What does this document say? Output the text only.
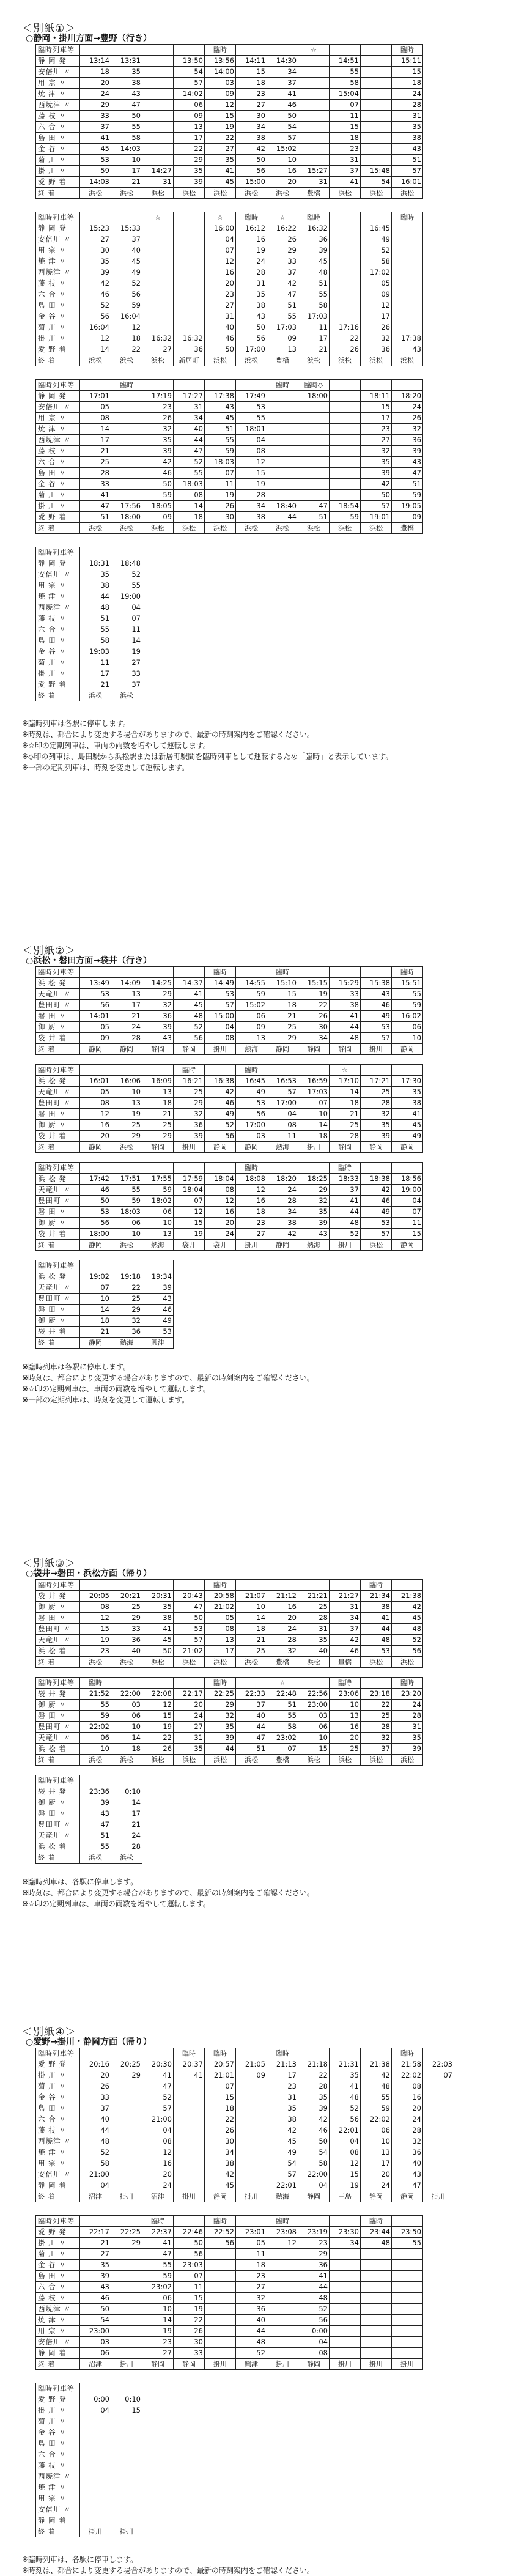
＜別紙①＞
○静岡・掛川方面→豊野（行き）
臨時列車等					臨時			☆			臨時
静 岡 発	13:14	13:31		13:50	13:56	14:11	14:30		14:51		15:11
安倍川 〃	18	35		54	14:00	15	34		55		15
用 宗 〃	20	38		57	03	18	37		58		18
焼 津 〃	24	43		14:02	09	23	41		15:04		24
西焼津 〃	29	47		06	12	27	46		07		28
藤 枝 〃	33	50		09	15	30	50		11		31
六 合 〃	37	55		13	19	34	54		15		35
島 田 〃	41	58		17	22	38	57		18		38
金 谷 〃	45	14:03		22	27	42	15:02		23		43
菊 川 〃	53	10		29	35	50	10		31		51
掛 川 〃	59	17	14:27	35	41	56	16	15:27	37	15:48	57
愛 野 着	14:03	21	31	39	45	15:00	20	31	41	54	16:01
終 着	浜松	浜松	浜松	浜松	浜松	浜松	浜松	豊橋	浜松	浜松	浜松
臨時列車等			☆		☆	臨時	☆	臨時			臨時
静 岡 発	15:23	15:33			16:00	16:12	16:22	16:32		16:45	
安倍川 〃	27	37			04	16	26	36		49	
用 宗 〃	30	40			07	19	29	39		52	
焼 津 〃	35	45			12	24	33	45		58	
西焼津 〃	39	49			16	28	37	48		17:02	
藤 枝 〃	42	52			20	31	42	51		05	
六 合 〃	46	56			23	35	47	55		09	
島 田 〃	52	59			27	38	51	58		12	
金 谷 〃	56	16:04			31	43	55	17:03		17	
菊 川 〃	16:04	12			40	50	17:03	11	17:16	26	
掛 川 〃	12	18	16:32	16:32	46	56	09	17	22	32	17:38
愛 野 着	14	22	27	36	50	17:00	13	21	26	36	43
終 着	浜松	浜松	浜松	新居町	浜松	浜松	豊橋	浜松	浜松	浜松	浜松
臨時列車等		臨時					臨時	臨時◇			
静 岡 発	17:01		17:19	17:27	17:38	17:49		18:00		18:11	18:20
安倍川 〃	05		23	31	43	53				15	24
用 宗 〃	08		26	34	45	55				17	26
焼 津 〃	14		32	40	51	18:01				23	32
西焼津 〃	17		35	44	55	04				27	36
藤 枝 〃	21		39	47	59	08				32	39
六 合 〃	25		42	52	18:03	12				35	43
島 田 〃	28		46	55	07	15				39	47
金 谷 〃	33		50	18:03	11	19				42	51
菊 川 〃	41		59	08	19	28				50	59
掛 川 〃	47	17:56	18:05	14	26	34	18:40	47	18:54	57	19:05
愛 野 着	51	18:00	09	18	30	38	44	51	59	19:01	09
終 着	浜松	浜松	浜松	浜松	浜松	浜松	浜松	浜松	浜松	浜松	豊橋
臨時列車等		
静 岡 発	18:31	18:48
安倍川 〃	35	52
用 宗 〃	38	55
焼 津 〃	44	19:00
西焼津 〃	48	04
藤 枝 〃	51	07
六 合 〃	55	11
島 田 〃	58	14
金 谷 〃	19:03	19
菊 川 〃	11	27
掛 川 〃	17	33
愛 野 着	21	37
終 着	浜松	浜松
※臨時列車は各駅に停車します。
※時刻は、都合により変更する場合がありますので、最新の時刻案内をご確認ください。
※☆印の定期列車は、車両の両数を増やして運転します。
※◇印の列車は、島田駅から浜松駅または新居町駅間を臨時列車として運転するため「臨時」と表示しています。
※一部の定期列車は、時刻を変更して運転します。
＜別紙②＞
○浜松・磐田方面→袋井（行き）
臨時列車等					臨時		臨時				臨時
浜 松 発	13:49	14:09	14:25	14:37	14:49	14:55	15:10	15:15	15:29	15:38	15:51
天竜川 〃	53	13	29	41	53	59	15	19	33	43	55
豊田町 〃	56	17	32	45	57	15:02	18	22	38	46	59
磐 田 〃	14:01	21	36	48	15:00	06	21	26	41	49	16:02
御 厨 〃	05	24	39	52	04	09	25	30	44	53	06
袋 井 着	09	28	43	56	08	13	29	34	48	57	10
終 着	静岡	静岡	静岡	静岡	掛川	熱海	静岡	静岡	静岡	掛川	静岡
臨時列車等				臨時		臨時			☆		
浜 松 発	16:01	16:06	16:09	16:21	16:38	16:45	16:53	16:59	17:10	17:21	17:30
天竜川 〃	05	10	13	25	42	49	57	17:03	14	25	35
豊田町 〃	08	13	18	29	46	53	17:00	07	18	28	38
磐 田 〃	12	19	21	32	49	56	04	10	21	32	41
御 厨 〃	16	25	25	36	52	17:00	08	14	25	35	45
袋 井 着	20	29	29	39	56	03	11	18	28	39	49
終 着	静岡	浜松	静岡	掛川	静岡	静岡	熱海	掛川	静岡	静岡	静岡
臨時列車等						臨時			臨時		
浜 松 発	17:42	17:51	17:55	17:59	18:04	18:08	18:20	18:25	18:33	18:38	18:56
天竜川 〃	46	55	59	18:04	08	12	24	29	37	42	19:00
豊田町 〃	50	59	18:02	07	12	16	28	32	41	46	04
磐 田 〃	53	18:03	06	12	16	18	34	35	44	49	07
御 厨 〃	56	06	10	15	20	23	38	39	48	53	11
袋 井 着	18:00	10	13	19	24	27	42	43	52	57	15
終 着	静岡	浜松	熱海	袋井	袋井	掛川	静岡	熱海	掛川	浜松	静岡
臨時列車等			
浜 松 発	19:02	19:18	19:34
天竜川 〃	07	22	39
豊田町 〃	10	25	43
磐 田 〃	14	29	46
御 厨 〃	18	32	49
袋 井 着	21	36	53
終 着	静岡	熱海	興津
※臨時列車は各駅に停車します。
※時刻は、都合により変更する場合がありますので、最新の時刻案内をご確認ください。
※☆印の定期列車は、車両の両数を増やして運転します。
※一部の定期列車は、時刻を変更して運転します。
＜別紙③＞
○袋井→磐田・浜松方面（帰り）
臨時列車等					臨時					臨時	
袋 井 発	20:05	20:21	20:31	20:43	20:58	21:07	21:12	21:21	21:27	21:34	21:38
御 厨 〃	08	25	35	47	21:02	10	16	25	31	38	42
磐 田 〃	12	29	38	50	05	14	20	28	34	41	45
豊田町 〃	15	33	41	53	08	18	24	31	37	44	48
天竜川 〃	19	36	45	57	13	21	28	35	42	48	52
浜 松 着	23	40	50	21:02	17	25	32	40	46	53	56
終 着	浜松	浜松	浜松	浜松	浜松	浜松	豊橋	浜松	豊橋	浜松	浜松
臨時列車等	臨時				臨時		☆		臨時		臨時
袋 井 発	21:52	22:00	22:08	22:17	22:25	22:33	22:48	22:56	23:06	23:18	23:20
御 厨 〃	55	03	12	20	29	37	51	23:00	10	22	24
磐 田 〃	59	06	15	24	32	40	55	03	13	25	28
豊田町 〃	22:02	10	19	27	35	44	58	06	16	28	31
天竜川 〃	06	14	22	31	39	47	23:02	10	20	32	35
浜 松 着	10	18	26	35	44	51	07	15	25	37	39
終 着	浜松	浜松	浜松	浜松	浜松	浜松	豊橋	浜松	浜松	浜松	浜松
臨時列車等		
袋 井 発	23:36	0:10
御 厨 〃	39	14
磐 田 〃	43	17
豊田町 〃	47	21
天竜川 〃	51	24
浜 松 着	55	28
終 着	浜松	浜松
※臨時列車は、各駅に停車します。
※時刻は、都合により変更する場合がありますので、最新の時刻案内をご確認ください。
※☆印の定期列車は、車両の両数を増やして運転します。
＜別紙④＞
○愛野→掛川・静岡方面（帰り）
臨時列車等				臨時	臨時		臨時				臨時	
愛 野 発	20:16	20:25	20:30	20:37	20:57	21:05	21:13	21:18	21:31	21:38	21:58	22:03
掛 川 〃	20	29	41	41	21:01	09	17	22	35	42	22:02	07
菊 川 〃	26		47		07		23	28	41	48	08	
金 谷 〃	33		52		15		31	35	48	55	16	
島 田 〃	37		57		18		35	39	52	59	20	
六 合 〃	40		21:00		22		38	42	56	22:02	24	
藤 枝 〃	44		04		26		42	46	22:01	06	28	
西焼津 〃	48		08		30		45	50	04	10	32	
焼 津 〃	52		12		34		49	54	08	13	36	
用 宗 〃	58		16		38		54	58	12	17	40	
安倍川 〃	21:00		20		42		57	22:00	15	20	43	
静 岡 着	04		24		45		22:01	04	19	24	47	
終 着	沼津	掛川	沼津	掛川	静岡	掛川	熱海	静岡	三島	静岡	静岡	掛川
臨時列車等			臨時		臨時		臨時			臨時	
愛 野 発	22:17	22:25	22:37	22:46	22:52	23:01	23:08	23:19	23:30	23:44	23:50
掛 川 〃	21	29	41	50	56	05	12	23	34	48	55
菊 川 〃	27		47	56		11		29			
金 谷 〃	35		55	23:03		18		36			
島 田 〃	39		59	07		23		41			
六 合 〃	43		23:02	11		27		44			
藤 枝 〃	46		06	15		32		48			
西焼津 〃	50		10	19		36		52			
焼 津 〃	54		14	22		40		56			
用 宗 〃	23:00		19	26		44		0:00			
安倍川 〃	03		23	30		48		04			
静 岡 着	06		27	33		52		08			
終 着	沼津	掛川	静岡	静岡	掛川	興津	掛川	静岡	掛川	掛川	掛川
臨時列車等		
愛 野 発	0:00	0:10
掛 川 〃	04	15
菊 川 〃		
金 谷 〃		
島 田 〃		
六 合 〃		
藤 枝 〃		
西焼津 〃		
焼 津 〃		
用 宗 〃		
安倍川 〃		
静 岡 着		
終 着	掛川	掛川
※臨時列車は、各駅に停車します。
※時刻は、都合により変更する場合がありますので、最新の時刻案内をご確認ください。
